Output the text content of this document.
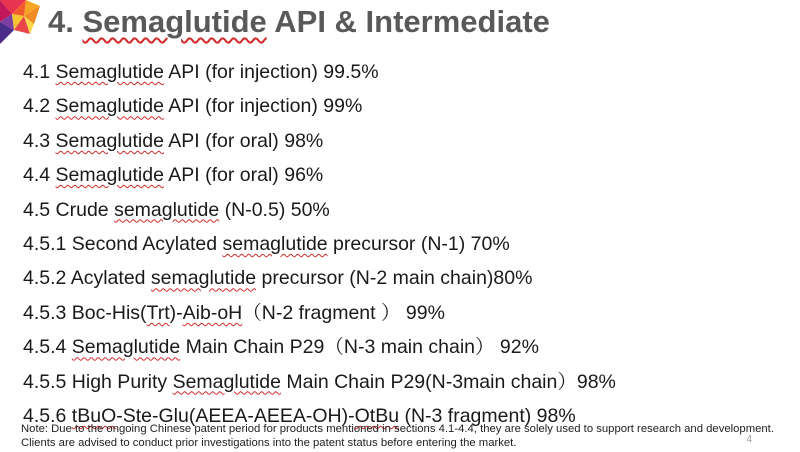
4. Semaglutide API & Intermediate
4.1 Semaglutide API (for injection) 99.5%
4.2 Semaglutide API (for injection) 99%
4.3 Semaglutide API (for oral) 98%
4.4 Semaglutide API (for oral) 96%
4.5 Crude semaglutide (N-0.5) 50%
4.5.1 Second Acylated semaglutide precursor (N-1) 70%
4.5.2 Acylated semaglutide precursor (N-2 main chain)80%
4.5.3 Boc-His(Trt)-Aib-oH（N-2 fragment ） 99%
4.5.4 Semaglutide Main Chain P29（N-3 main chain） 92%
4.5.5 High Purity Semaglutide Main Chain P29(N-3main chain）98%
4.5.6 tBuO-Ste-Glu(AEEA-AEEA-OH)-OtBu (N-3 fragment) 98%
Note: Due to the ongoing Chinese patent period for products mentioned in sections 4.1-4.4, they are solely used to support research and development. Clients are advised to conduct prior investigations into the patent status before entering the market.	4
